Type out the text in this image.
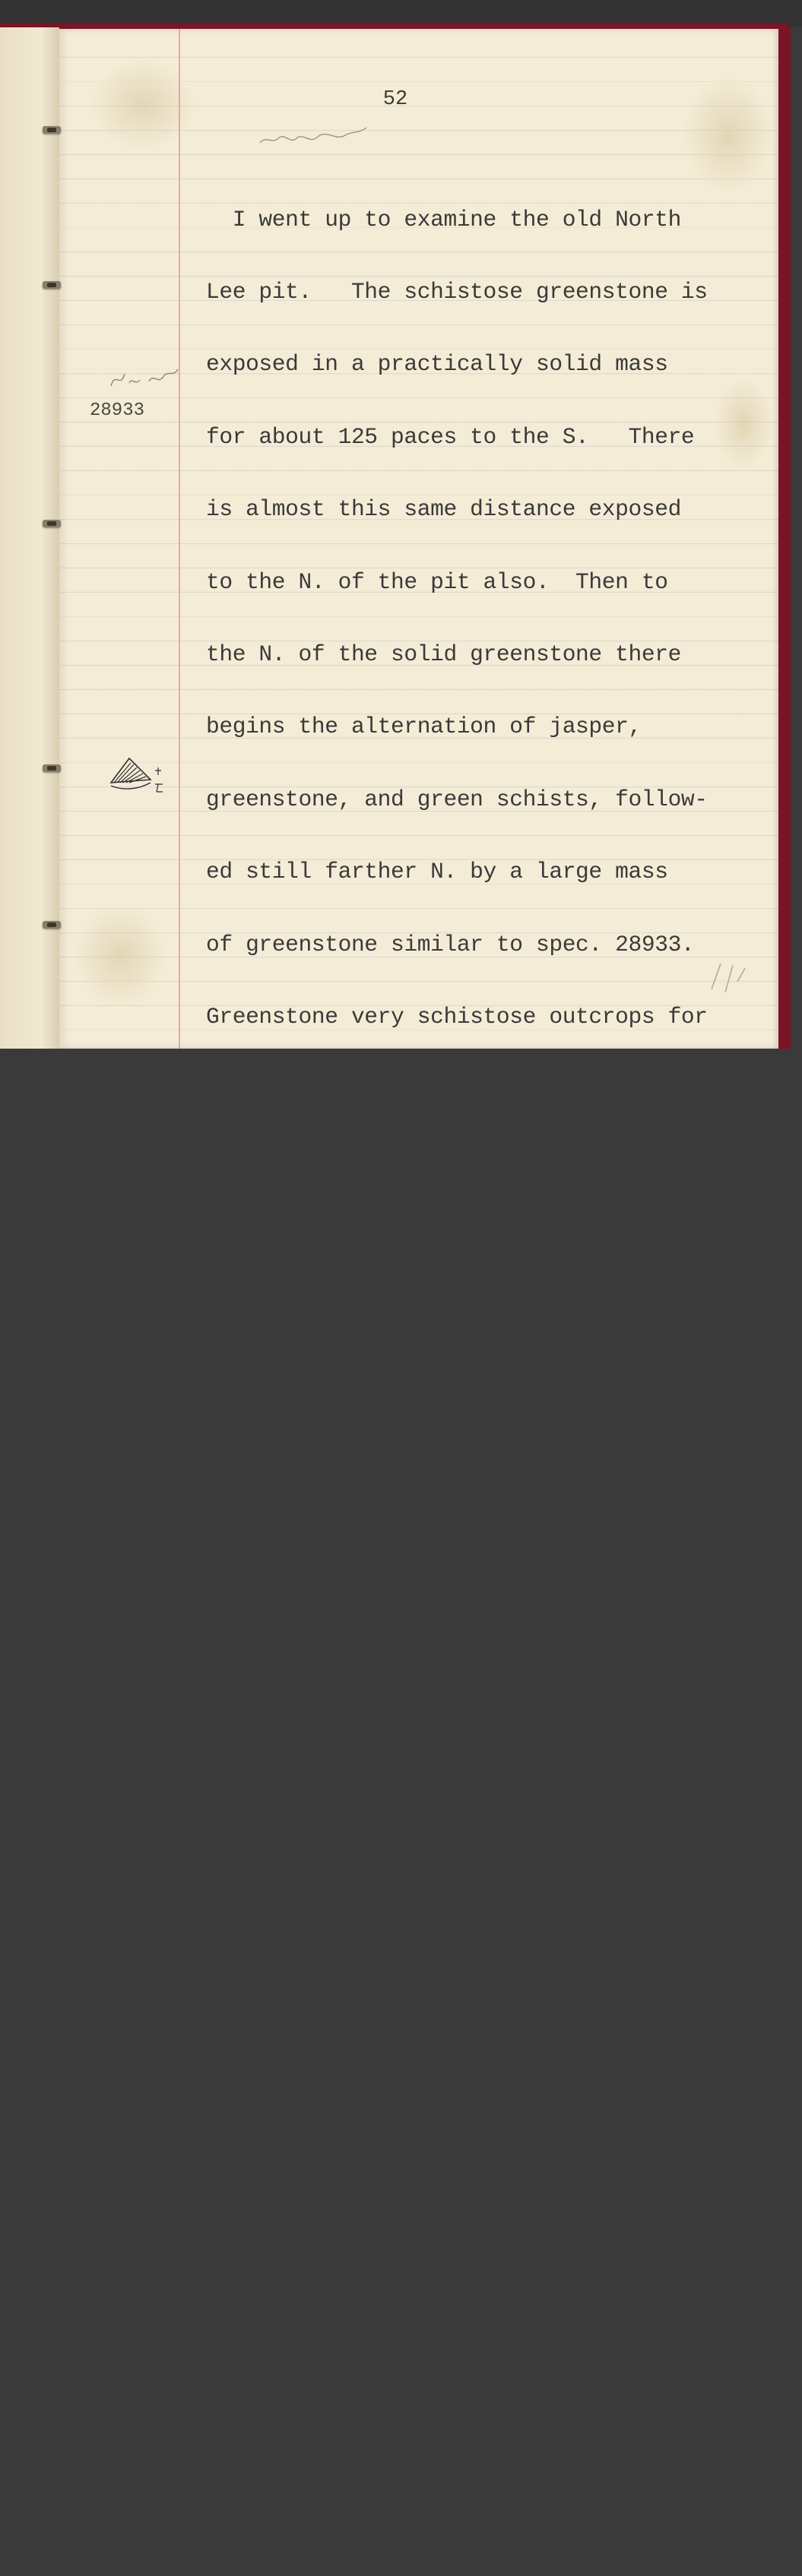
52
28933

I went up to examine the old North

Lee pit.   The schistose greenstone is

exposed in a practically solid mass

for about 125 paces to the S.   There

is almost this same distance exposed

to the N. of the pit also.  Then to

the N. of the solid greenstone there

begins the alternation of jasper,

greenstone, and green schists, follow-

ed still farther N. by a large mass

of greenstone similar to spec. 28933.

Greenstone very schistose outcrops for

a considerable distance both to the N.

and S. of the pit.   The schistosity

strikes E. and W.   This greenstone

contains near the main jasper mass

small lenses and stringers of jasper

and white chert which have clearly

been introduced since the greenstone

was rendered schistose.   The expo-

sures on the surface show that it very

nearly cuts out the jasper to the E.,

and I learn from Mr. Ball that under-

ground it does cut off the jasper to

the E.   Just E. of the pit across the

road the jasper shows a small V of

greenstone in it pitching to the E.

The jasper of the North Lee pit is

very badly broken up and the ore has

been introduced, healing the cracks

and filling the cavities.  This ore

runs in veins  across the bands of

jasper and all through them.   The
